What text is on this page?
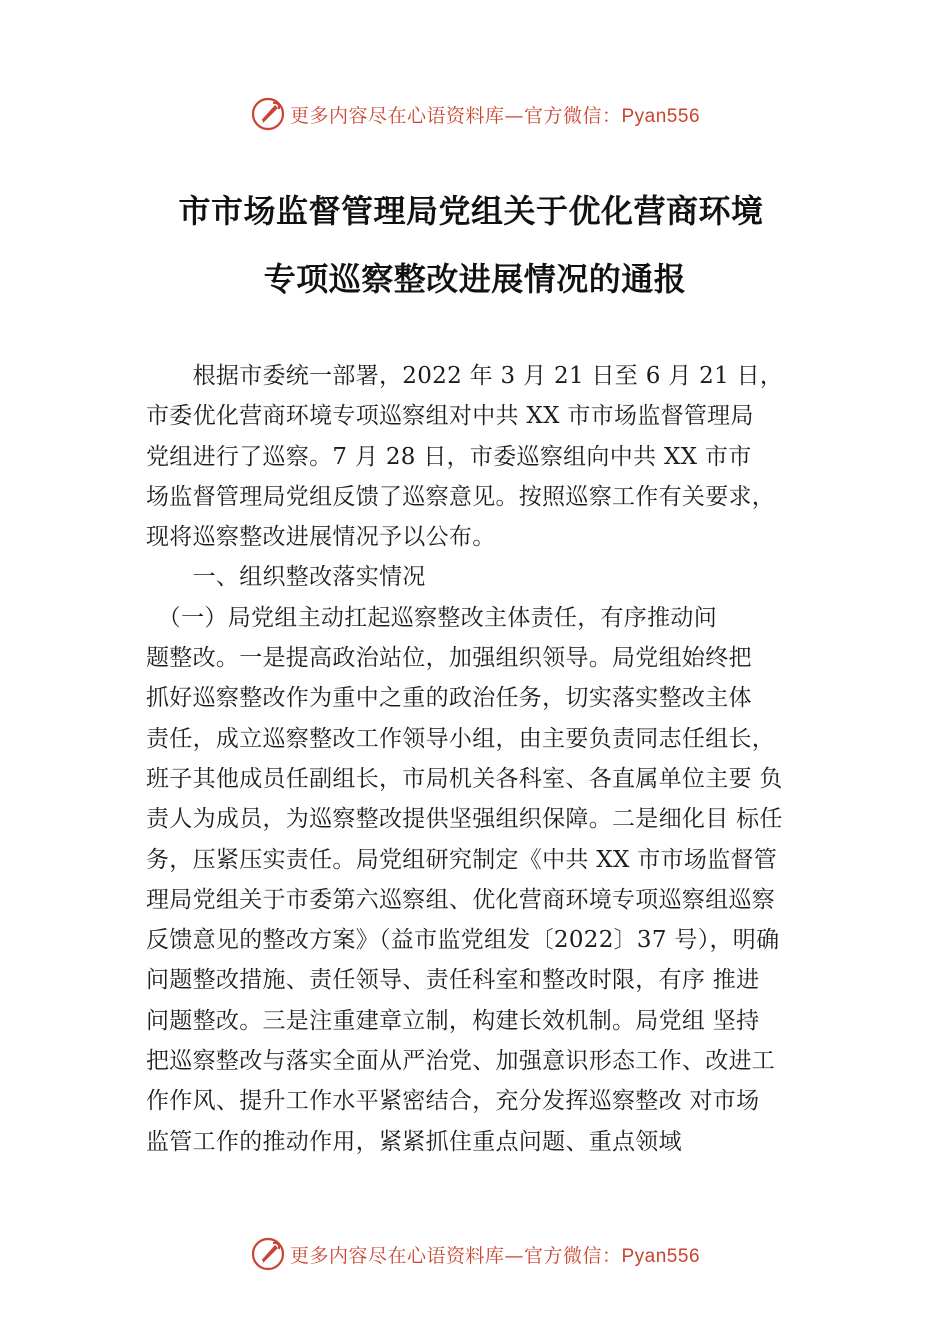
更多内容尽在心语资料库—官方微信：Pyan556
市市场监督管理局党组关于优化营商环境
专项巡察整改进展情况的通报
　　根据市委统一部署，2022 年 3 月 21 日至 6 月 21 日，
市委优化营商环境专项巡察组对中共 XX 市市场监督管理局
党组进行了巡察。7 月 28 日，市委巡察组向中共 XX 市市
场监督管理局党组反馈了巡察意见。按照巡察工作有关要求，
现将巡察整改进展情况予以公布。
　　一、组织整改落实情况
　（一）局党组主动扛起巡察整改主体责任，有序推动问
题整改。一是提高政治站位，加强组织领导。局党组始终把
抓好巡察整改作为重中之重的政治任务，切实落实整改主体
责任，成立巡察整改工作领导小组，由主要负责同志任组长，
班子其他成员任副组长，市局机关各科室、各直属单位主要 负
责人为成员，为巡察整改提供坚强组织保障。二是细化目 标任
务，压紧压实责任。局党组研究制定《中共 XX 市市场监督管
理局党组关于市委第六巡察组、优化营商环境专项巡察组巡察
反馈意见的整改方案》（益市监党组发〔2022〕37 号），明确
问题整改措施、责任领导、责任科室和整改时限，有序 推进
问题整改。三是注重建章立制，构建长效机制。局党组 坚持
把巡察整改与落实全面从严治党、加强意识形态工作、改进工
作作风、提升工作水平紧密结合，充分发挥巡察整改 对市场
监管工作的推动作用，紧紧抓住重点问题、重点领域
更多内容尽在心语资料库—官方微信：Pyan556
